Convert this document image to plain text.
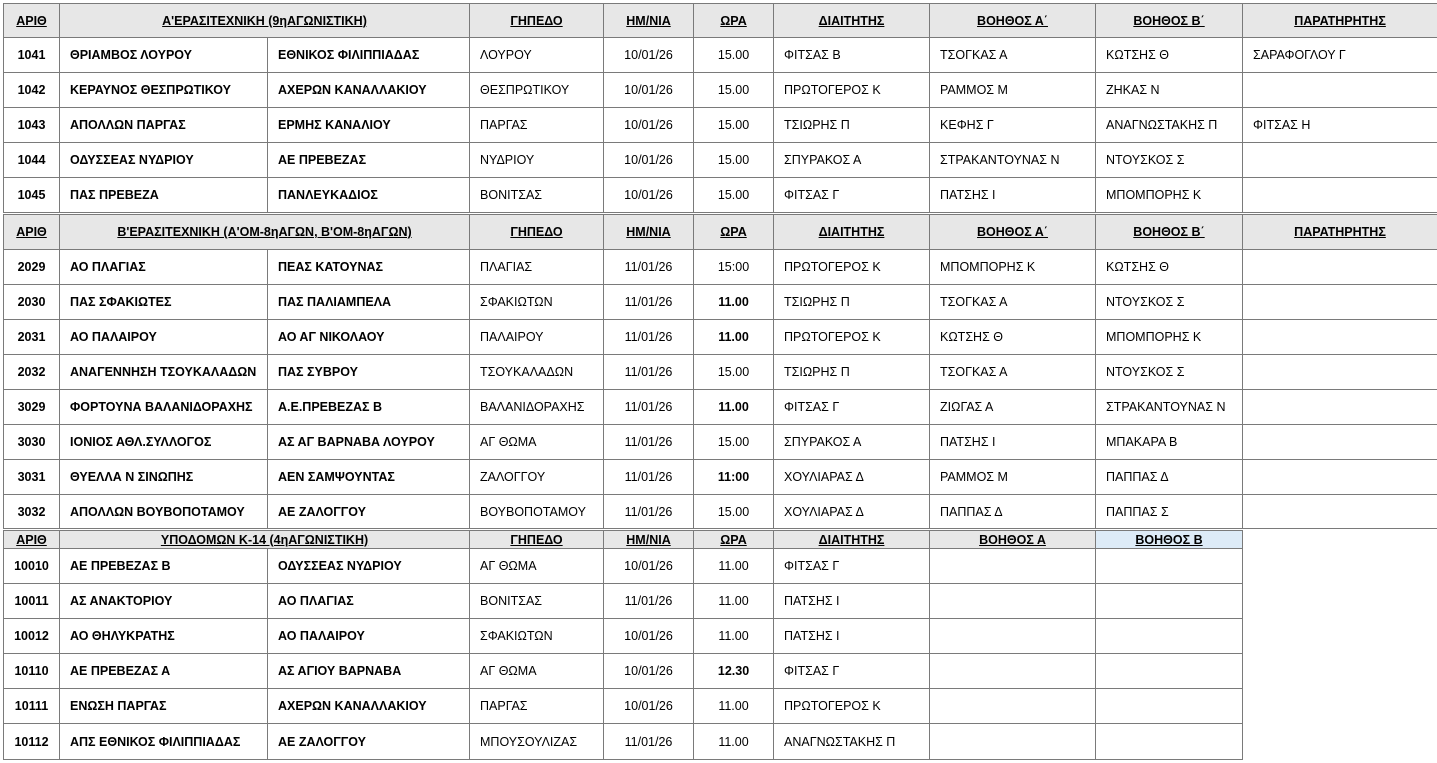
ΑΡΙΘ	Α'ΕΡΑΣΙΤΕΧΝΙΚΗ (9ηΑΓΩΝΙΣΤΙΚΗ)		ΓΗΠΕΔΟ	ΗΜ/ΝΙΑ	ΩΡΑ	ΔΙΑΙΤΗΤΗΣ	ΒΟΗΘΟΣ Α΄	ΒΟΗΘΟΣ Β΄	ΠΑΡΑΤΗΡΗΤΗΣ
1041	ΘΡΙΑΜΒΟΣ ΛΟΥΡΟΥ	ΕΘΝΙΚΟΣ ΦΙΛΙΠΠΙΑΔΑΣ	ΛΟΥΡΟΥ	10/01/26	15.00	ΦΙΤΣΑΣ Β	ΤΣΟΓΚΑΣ Α	ΚΩΤΣΗΣ Θ	ΣΑΡΑΦΟΓΛΟΥ Γ
1042	ΚΕΡΑΥΝΟΣ ΘΕΣΠΡΩΤΙΚΟΥ	ΑΧΕΡΩΝ ΚΑΝΑΛΛΑΚΙΟΥ	ΘΕΣΠΡΩΤΙΚΟΥ	10/01/26	15.00	ΠΡΩΤΟΓΕΡΟΣ Κ	ΡΑΜΜΟΣ Μ	ΖΗΚΑΣ Ν	
1043	ΑΠΟΛΛΩΝ ΠΑΡΓΑΣ	ΕΡΜΗΣ ΚΑΝΑΛΙΟΥ	ΠΑΡΓΑΣ	10/01/26	15.00	ΤΣΙΩΡΗΣ Π	ΚΕΦΗΣ Γ	ΑΝΑΓΝΩΣΤΑΚΗΣ Π	ΦΙΤΣΑΣ Η
1044	ΟΔΥΣΣΕΑΣ ΝΥΔΡΙΟΥ	ΑΕ ΠΡΕΒΕΖΑΣ	ΝΥΔΡΙΟΥ	10/01/26	15.00	ΣΠΥΡΑΚΟΣ Α	ΣΤΡΑΚΑΝΤΟΥΝΑΣ Ν	ΝΤΟΥΣΚΟΣ Σ	
1045	ΠΑΣ ΠΡΕΒΕΖΑ	ΠΑΝΛΕΥΚΑΔΙΟΣ	ΒΟΝΙΤΣΑΣ	10/01/26	15.00	ΦΙΤΣΑΣ Γ	ΠΑΤΣΗΣ Ι	ΜΠΟΜΠΟΡΗΣ Κ	
ΑΡΙΘ	Β'ΕΡΑΣΙΤΕΧΝΙΚΗ (Α'ΟΜ-8ηΑΓΩΝ, Β'ΟΜ-8ηΑΓΩΝ)		ΓΗΠΕΔΟ	ΗΜ/ΝΙΑ	ΩΡΑ	ΔΙΑΙΤΗΤΗΣ	ΒΟΗΘΟΣ Α΄	ΒΟΗΘΟΣ Β΄	ΠΑΡΑΤΗΡΗΤΗΣ
2029	ΑΟ ΠΛΑΓΙΑΣ	ΠΕΑΣ ΚΑΤΟΥΝΑΣ	ΠΛΑΓΙΑΣ	11/01/26	15:00	ΠΡΩΤΟΓΕΡΟΣ Κ	ΜΠΟΜΠΟΡΗΣ Κ	ΚΩΤΣΗΣ Θ	
2030	ΠΑΣ ΣΦΑΚΙΩΤΕΣ	ΠΑΣ ΠΑΛΙΑΜΠΕΛΑ	ΣΦΑΚΙΩΤΩΝ	11/01/26	11.00	ΤΣΙΩΡΗΣ Π	ΤΣΟΓΚΑΣ Α	ΝΤΟΥΣΚΟΣ Σ	
2031	ΑΟ ΠΑΛΑΙΡΟΥ	ΑΟ ΑΓ ΝΙΚΟΛΑΟΥ	ΠΑΛΑΙΡΟΥ	11/01/26	11.00	ΠΡΩΤΟΓΕΡΟΣ Κ	ΚΩΤΣΗΣ Θ	ΜΠΟΜΠΟΡΗΣ Κ	
2032	ΑΝΑΓΕΝΝΗΣΗ ΤΣΟΥΚΑΛΑΔΩΝ	ΠΑΣ ΣΥΒΡΟΥ	ΤΣΟΥΚΑΛΑΔΩΝ	11/01/26	15.00	ΤΣΙΩΡΗΣ Π	ΤΣΟΓΚΑΣ Α	ΝΤΟΥΣΚΟΣ Σ	
3029	ΦΟΡΤΟΥΝΑ ΒΑΛΑΝΙΔΟΡΑΧΗΣ	Α.Ε.ΠΡΕΒΕΖΑΣ Β	ΒΑΛΑΝΙΔΟΡΑΧΗΣ	11/01/26	11.00	ΦΙΤΣΑΣ Γ	ΖΙΩΓΑΣ Α	ΣΤΡΑΚΑΝΤΟΥΝΑΣ Ν	
3030	ΙΟΝΙΟΣ ΑΘΛ.ΣΥΛΛΟΓΟΣ	ΑΣ ΑΓ ΒΑΡΝΑΒΑ ΛΟΥΡΟΥ	ΑΓ ΘΩΜΑ	11/01/26	15.00	ΣΠΥΡΑΚΟΣ Α	ΠΑΤΣΗΣ Ι	ΜΠΑΚΑΡΑ Β	
3031	ΘΥΕΛΛΑ Ν ΣΙΝΩΠΗΣ	ΑΕΝ ΣΑΜΨΟΥΝΤΑΣ	ΖΑΛΟΓΓΟΥ	11/01/26	11:00	ΧΟΥΛΙΑΡΑΣ Δ	ΡΑΜΜΟΣ Μ	ΠΑΠΠΑΣ Δ	
3032	ΑΠΟΛΛΩΝ ΒΟΥΒΟΠΟΤΑΜΟΥ	ΑΕ ΖΑΛΟΓΓΟΥ	ΒΟΥΒΟΠΟΤΑΜΟΥ	11/01/26	15.00	ΧΟΥΛΙΑΡΑΣ Δ	ΠΑΠΠΑΣ Δ	ΠΑΠΠΑΣ Σ	
ΑΡΙΘ	ΥΠΟΔΟΜΩΝ Κ-14 (4ηΑΓΩΝΙΣΤΙΚΗ)		ΓΗΠΕΔΟ	ΗΜ/ΝΙΑ	ΩΡΑ	ΔΙΑΙΤΗΤΗΣ	ΒΟΗΘΟΣ Α	ΒΟΗΘΟΣ Β
10010	ΑΕ ΠΡΕΒΕΖΑΣ Β	ΟΔΥΣΣΕΑΣ ΝΥΔΡΙΟΥ	ΑΓ ΘΩΜΑ	10/01/26	11.00	ΦΙΤΣΑΣ Γ		
10011	ΑΣ ΑΝΑΚΤΟΡΙΟΥ	ΑΟ ΠΛΑΓΙΑΣ	ΒΟΝΙΤΣΑΣ	11/01/26	11.00	ΠΑΤΣΗΣ Ι		
10012	ΑΟ ΘΗΛΥΚΡΑΤΗΣ	ΑΟ ΠΑΛΑΙΡΟΥ	ΣΦΑΚΙΩΤΩΝ	10/01/26	11.00	ΠΑΤΣΗΣ Ι		
10110	ΑΕ ΠΡΕΒΕΖΑΣ Α	ΑΣ ΑΓΙΟΥ ΒΑΡΝΑΒΑ	ΑΓ ΘΩΜΑ	10/01/26	12.30	ΦΙΤΣΑΣ Γ		
10111	ΕΝΩΣΗ ΠΑΡΓΑΣ	ΑΧΕΡΩΝ ΚΑΝΑΛΛΑΚΙΟΥ	ΠΑΡΓΑΣ	10/01/26	11.00	ΠΡΩΤΟΓΕΡΟΣ Κ		
10112	ΑΠΣ ΕΘΝΙΚΟΣ ΦΙΛΙΠΠΙΑΔΑΣ	ΑΕ ΖΑΛΟΓΓΟΥ	ΜΠΟΥΣΟΥΛΙΖΑΣ	11/01/26	11.00	ΑΝΑΓΝΩΣΤΑΚΗΣ Π		
